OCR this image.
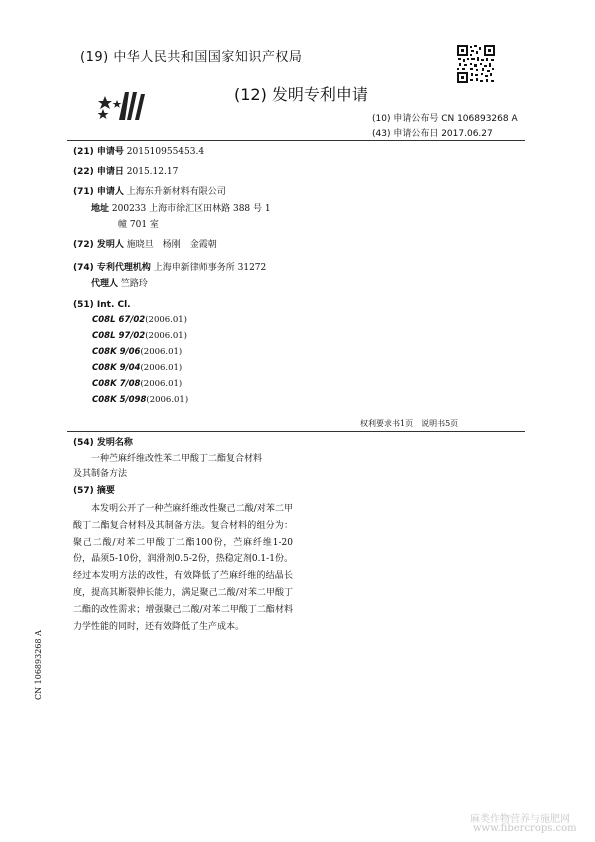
(19) 中华人民共和国国家知识产权局
(12) 发明专利申请
(10) 申请公布号 CN 106893268 A
(43) 申请公布日 2017.06.27
(21) 申请号 201510955453.4
(22) 申请日 2015.12.17
(71) 申请人 上海东升新材料有限公司
地址 200233 上海市徐汇区田林路 388 号 1
幢 701 室
(72) 发明人 施晓旦　杨刚　金霞朝
(74) 专利代理机构 上海申新律师事务所 31272
代理人 竺路玲
(51) Int. Cl.
C08L 67/02(2006.01)
C08L 97/02(2006.01)
C08K 9/06(2006.01)
C08K 9/04(2006.01)
C08K 7/08(2006.01)
C08K 5/098(2006.01)
权利要求书1页　说明书5页
(54) 发明名称
一种苎麻纤维改性苯二甲酸丁二酯复合材料
及其制备方法
(57) 摘要
本发明公开了一种苎麻纤维改性聚己二酸/对苯二甲酸丁二酯复合材料及其制备方法。复合材料的组分为：聚己二酸/对苯二甲酸丁二酯100份，苎麻纤维1-20份，晶须5-10份，润滑剂0.5-2份，热稳定剂0.1-1份。经过本发明方法的改性，有效降低了苎麻纤维的结晶长度，提高其断裂伸长能力，满足聚己二酸/对苯二甲酸丁二酯的改性需求；增强聚己二酸/对苯二甲酸丁二酯材料力学性能的同时，还有效降低了生产成本。
CN 106893268 A
麻类作物营养与施肥网
www.fibercrops.com
